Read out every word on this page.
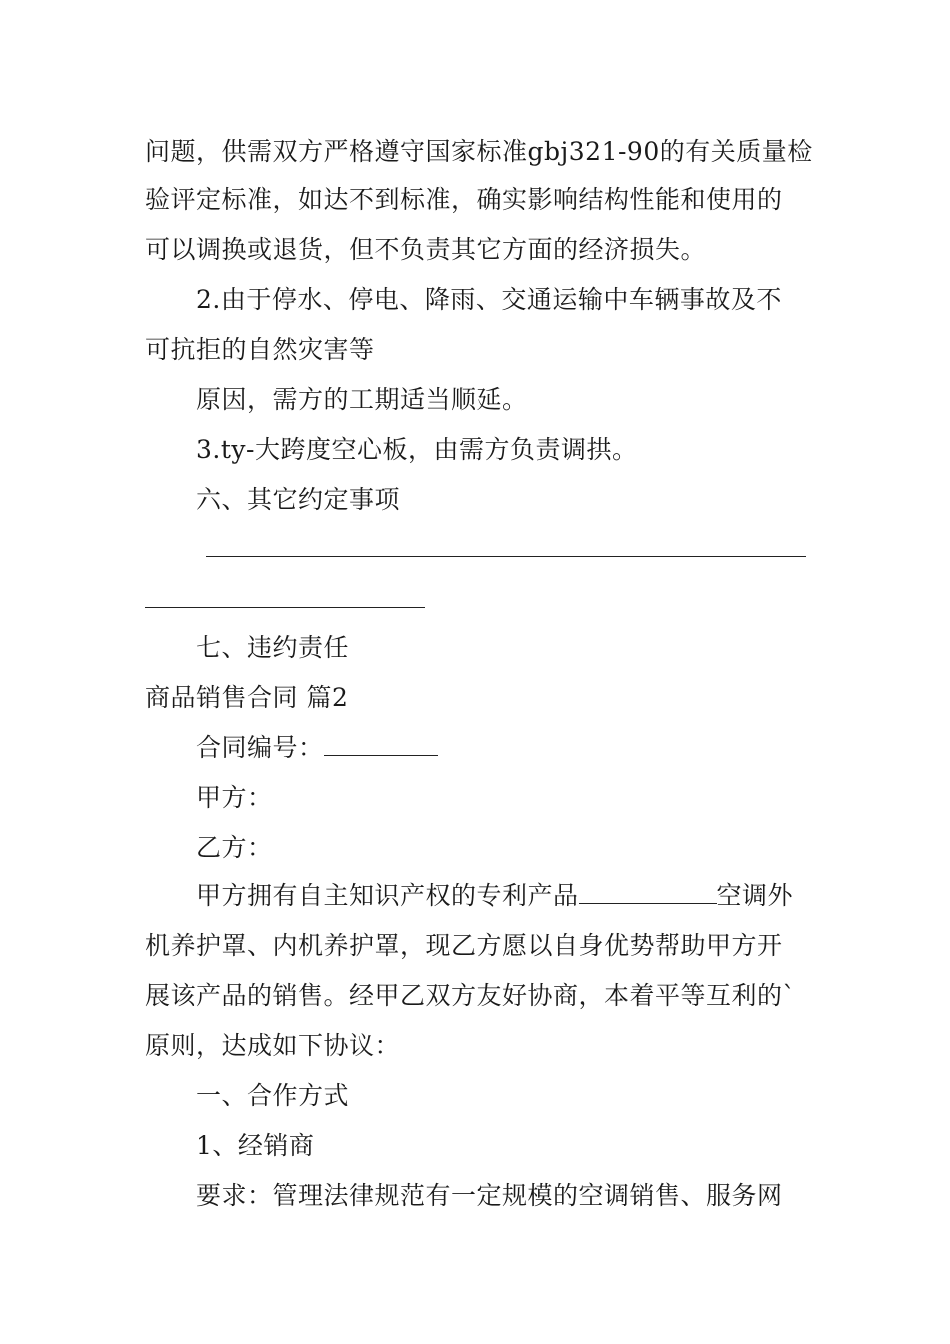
问题，供需双方严格遵守国家标准gbj321-90的有关质量检
验评定标准，如达不到标准，确实影响结构性能和使用的
可以调换或退货，但不负责其它方面的经济损失。
2.由于停水、停电、降雨、交通运输中车辆事故及不
可抗拒的自然灾害等
原因，需方的工期适当顺延。
3.ty-大跨度空心板，由需方负责调拱。
六、其它约定事项
七、违约责任
商品销售合同 篇2
合同编号：
甲方：
乙方：
甲方拥有自主知识产权的专利产品	空调外
机养护罩、内机养护罩，现乙方愿以自身优势帮助甲方开
展该产品的销售。经甲乙双方友好协商，本着平等互利的`
原则，达成如下协议：
一、合作方式
1、经销商
要求：管理法律规范有一定规模的空调销售、服务网
